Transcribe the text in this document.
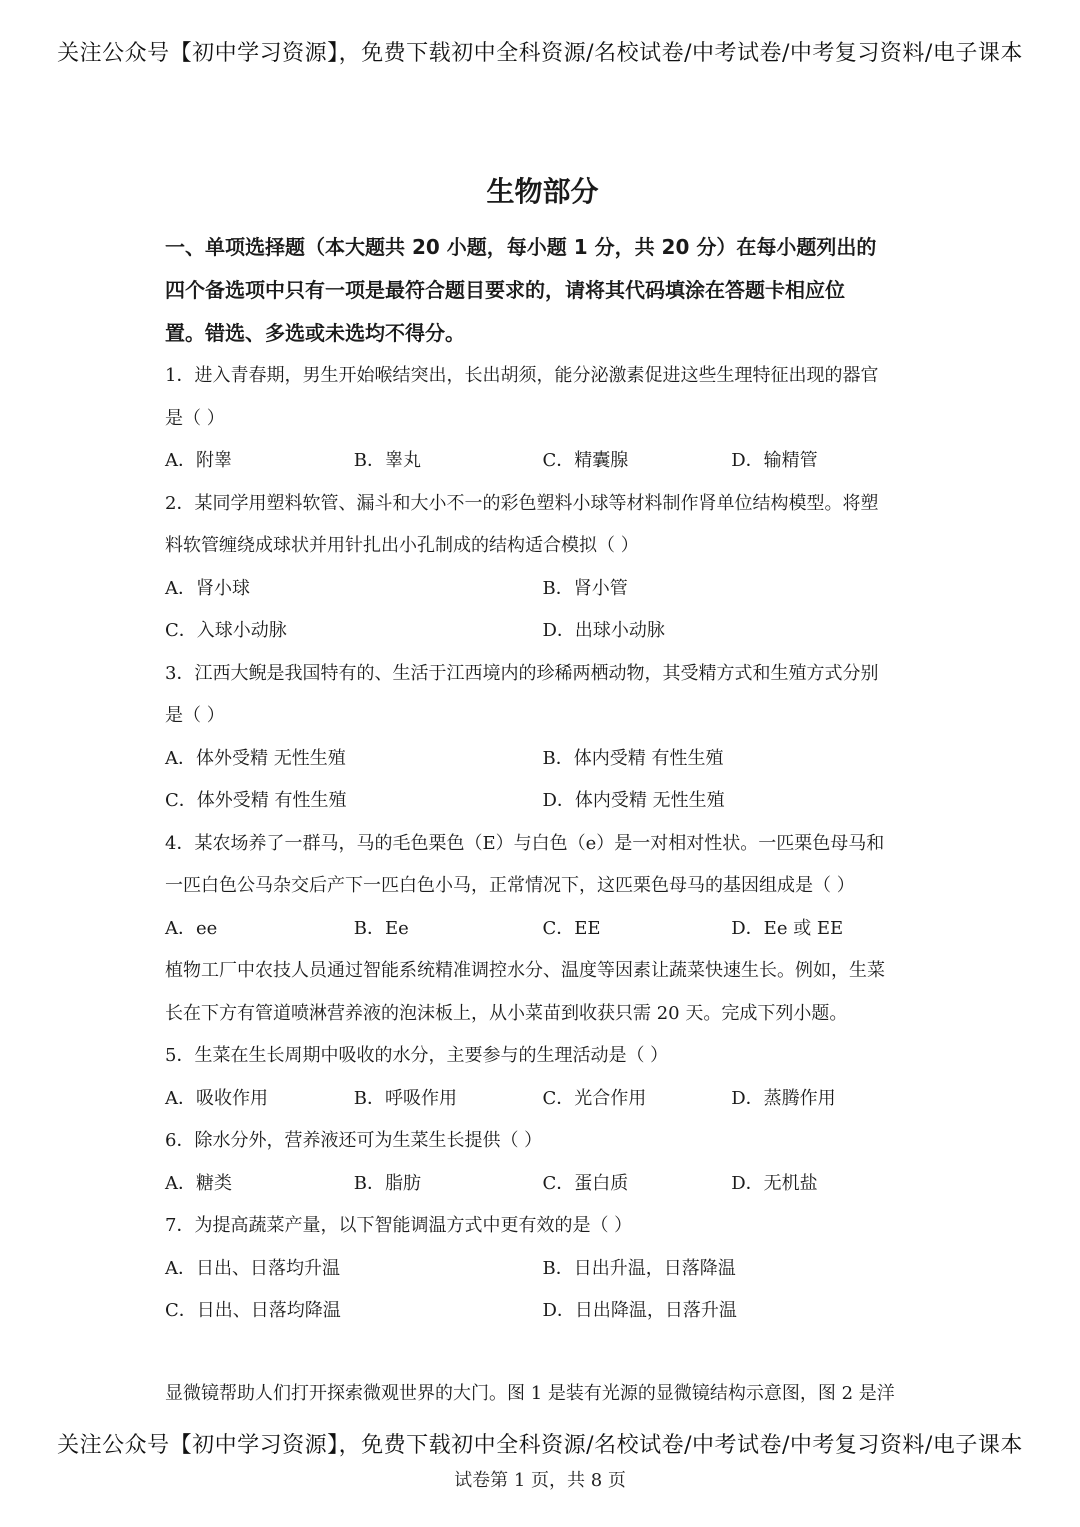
关注公众号【初中学习资源】，免费下载初中全科资源/名校试卷/中考试卷/中考复习资料/电子课本
生物部分

一、单项选择题（本大题共 20 小题，每小题 1 分，共 20 分）在每小题列出的

四个备选项中只有一项是最符合题目要求的，请将其代码填涂在答题卡相应位

置。错选、多选或未选均不得分。

1．进入青春期，男生开始喉结突出，长出胡须，能分泌激素促进这些生理特征出现的器官

是（ ）

A．附睾	B．睾丸	C．精囊腺	D．输精管

2．某同学用塑料软管、漏斗和大小不一的彩色塑料小球等材料制作肾单位结构模型。将塑

料软管缠绕成球状并用针扎出小孔制成的结构适合模拟（ ）

A．肾小球	B．肾小管
C．入球小动脉	D．出球小动脉

3．江西大鲵是我国特有的、生活于江西境内的珍稀两栖动物，其受精方式和生殖方式分别

是（ ）

A．体外受精 无性生殖	B．体内受精 有性生殖
C．体外受精 有性生殖	D．体内受精 无性生殖

4．某农场养了一群马，马的毛色栗色（E）与白色（e）是一对相对性状。一匹栗色母马和

一匹白色公马杂交后产下一匹白色小马，正常情况下，这匹栗色母马的基因组成是（ ）

A．ee	B．Ee	C．EE	D．Ee 或 EE

植物工厂中农技人员通过智能系统精准调控水分、温度等因素让蔬菜快速生长。例如，生菜

长在下方有管道喷淋营养液的泡沫板上，从小菜苗到收获只需 20 天。完成下列小题。

5．生菜在生长周期中吸收的水分，主要参与的生理活动是（ ）

A．吸收作用	B．呼吸作用	C．光合作用	D．蒸腾作用

6．除水分外，营养液还可为生菜生长提供（ ）

A．糖类	B．脂肪	C．蛋白质	D．无机盐

7．为提高蔬菜产量，以下智能调温方式中更有效的是（ ）

A．日出、日落均升温	B．日出升温，日落降温
C．日出、日落均降温	D．日出降温，日落升温

显微镜帮助人们打开探索微观世界的大门。图 1 是装有光源的显微镜结构示意图，图 2 是洋

关注公众号【初中学习资源】，免费下载初中全科资源/名校试卷/中考试卷/中考复习资料/电子课本
试卷第 1 页，共 8 页
